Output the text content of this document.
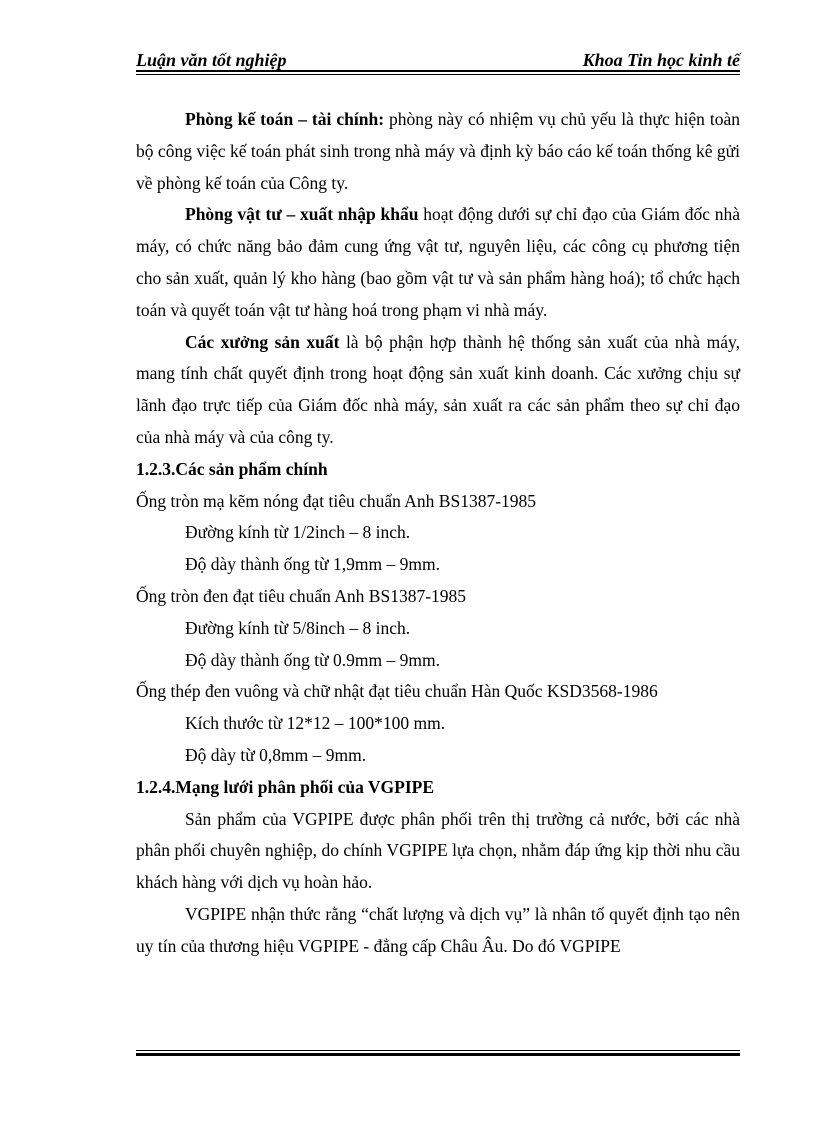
Luận văn tốt nghiệp	Khoa Tin học kinh tế

Phòng kế toán – tài chính: phòng này có nhiệm vụ chủ yếu là thực hiện toàn bộ công việc kế toán phát sinh trong nhà máy và định kỳ báo cáo kế toán thống kê gửi về phòng kế toán của Công ty.

Phòng vật tư – xuất nhập khẩu hoạt động dưới sự chỉ đạo của Giám đốc nhà máy, có chức năng bảo đảm cung ứng vật tư, nguyên liệu, các công cụ phương tiện cho sản xuất, quản lý kho hàng (bao gồm vật tư và sản phẩm hàng hoá); tổ chức hạch toán và quyết toán vật tư hàng hoá trong phạm vi nhà máy.

Các xưởng sản xuất là bộ phận hợp thành hệ thống sản xuất của nhà máy, mang tính chất quyết định trong hoạt động sản xuất kinh doanh. Các xưởng chịu sự lãnh đạo trực tiếp của Giám đốc nhà máy, sản xuất ra các sản phẩm theo sự chỉ đạo của nhà máy và của công ty.

1.2.3.Các sản phẩm chính

Ống tròn mạ kẽm nóng đạt tiêu chuẩn Anh BS1387-1985

Đường kính từ 1/2inch – 8 inch.

Độ dày thành ống từ 1,9mm – 9mm.

Ống tròn đen đạt tiêu chuẩn Anh BS1387-1985

Đường kính từ 5/8inch – 8 inch.

Độ dày thành ống từ 0.9mm – 9mm.

Ống thép đen vuông và chữ nhật đạt tiêu chuẩn Hàn Quốc KSD3568-1986

Kích thước từ 12*12 – 100*100 mm.

Độ dày từ 0,8mm – 9mm.

1.2.4.Mạng lưới phân phối của VGPIPE

Sản phẩm của VGPIPE được phân phối trên thị trường cả nước, bởi các nhà phân phối chuyên nghiệp, do chính VGPIPE lựa chọn, nhằm đáp ứng kịp thời nhu cầu khách hàng với dịch vụ hoàn hảo.

VGPIPE nhận thức rằng “chất lượng và dịch vụ” là nhân tố quyết định tạo nên uy tín của thương hiệu VGPIPE - đẳng cấp Châu Âu. Do đó VGPIPE
